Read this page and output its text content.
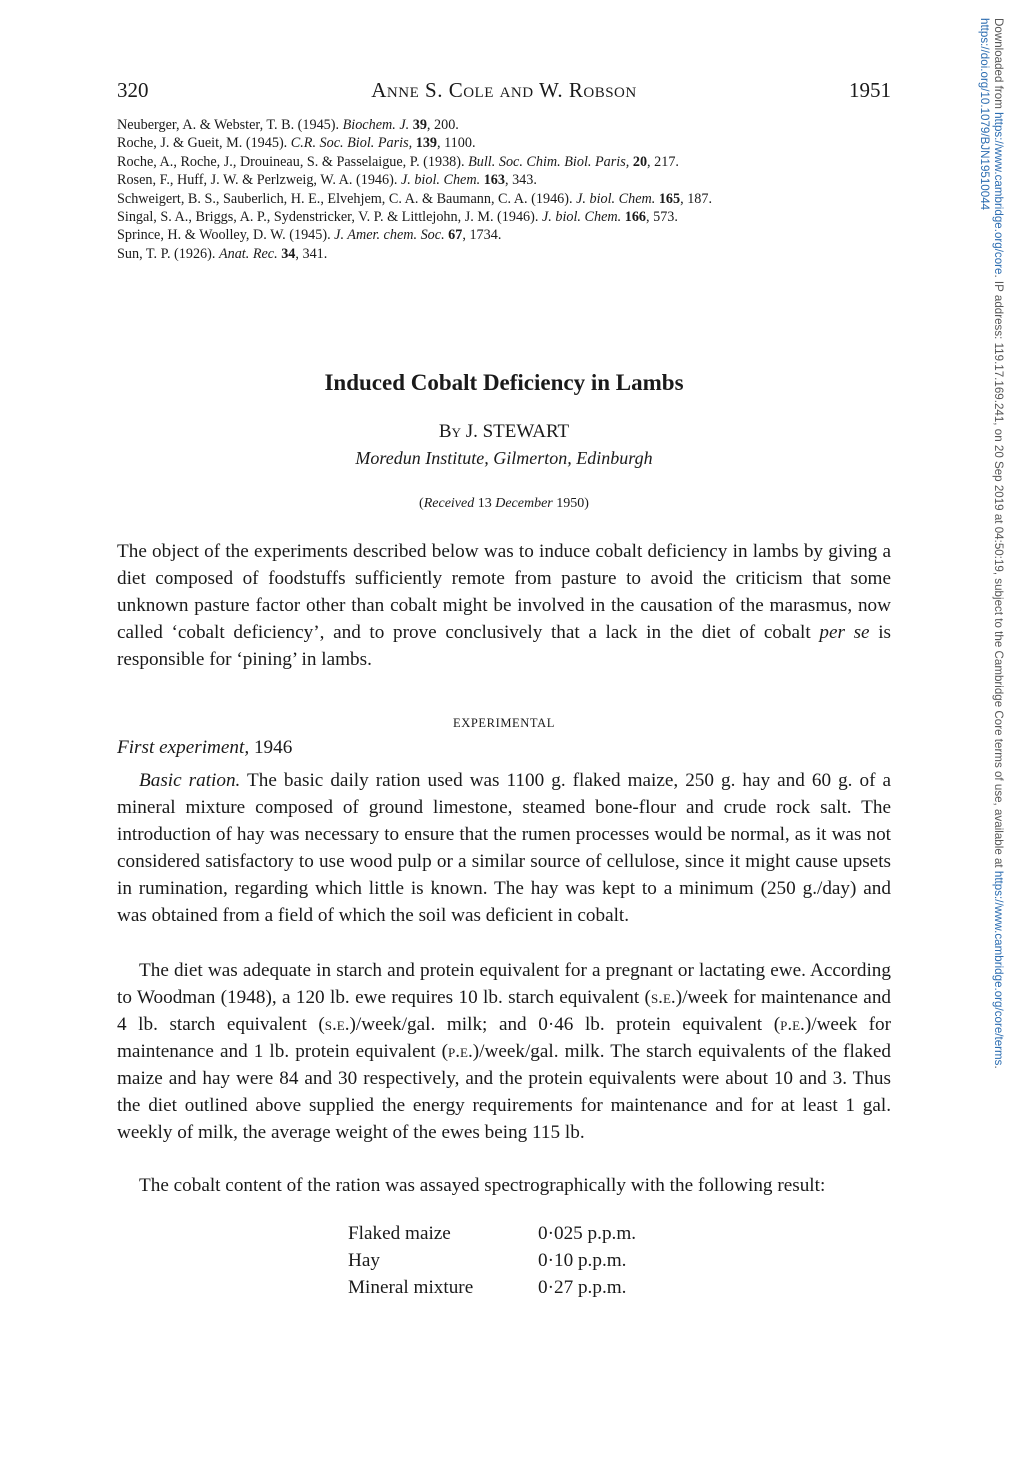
320	Anne S. Cole and W. Robson	1951
Neuberger, A. & Webster, T. B. (1945). Biochem. J. 39, 200.
Roche, J. & Gueit, M. (1945). C.R. Soc. Biol. Paris, 139, 1100.
Roche, A., Roche, J., Drouineau, S. & Passelaigue, P. (1938). Bull. Soc. Chim. Biol. Paris, 20, 217.
Rosen, F., Huff, J. W. & Perlzweig, W. A. (1946). J. biol. Chem. 163, 343.
Schweigert, B. S., Sauberlich, H. E., Elvehjem, C. A. & Baumann, C. A. (1946). J. biol. Chem. 165, 187.
Singal, S. A., Briggs, A. P., Sydenstricker, V. P. & Littlejohn, J. M. (1946). J. biol. Chem. 166, 573.
Sprince, H. & Woolley, D. W. (1945). J. Amer. chem. Soc. 67, 1734.
Sun, T. P. (1926). Anat. Rec. 34, 341.
Induced Cobalt Deficiency in Lambs
By J. STEWART
Moredun Institute, Gilmerton, Edinburgh
(Received 13 December 1950)
The object of the experiments described below was to induce cobalt deficiency in lambs by giving a diet composed of foodstuffs sufficiently remote from pasture to avoid the criticism that some unknown pasture factor other than cobalt might be involved in the causation of the marasmus, now called ‘cobalt deficiency’, and to prove conclusively that a lack in the diet of cobalt per se is responsible for ‘pining’ in lambs.
EXPERIMENTAL
First experiment, 1946
Basic ration. The basic daily ration used was 1100 g. flaked maize, 250 g. hay and 60 g. of a mineral mixture composed of ground limestone, steamed bone-flour and crude rock salt. The introduction of hay was necessary to ensure that the rumen processes would be normal, as it was not considered satisfactory to use wood pulp or a similar source of cellulose, since it might cause upsets in rumination, regarding which little is known. The hay was kept to a minimum (250 g./day) and was obtained from a field of which the soil was deficient in cobalt.
The diet was adequate in starch and protein equivalent for a pregnant or lactating ewe. According to Woodman (1948), a 120 lb. ewe requires 10 lb. starch equivalent (s.e.)/week for maintenance and 4 lb. starch equivalent (s.e.)/week/gal. milk; and 0·46 lb. protein equivalent (p.e.)/week for maintenance and 1 lb. protein equivalent (p.e.)/week/gal. milk. The starch equivalents of the flaked maize and hay were 84 and 30 respectively, and the protein equivalents were about 10 and 3. Thus the diet outlined above supplied the energy requirements for maintenance and for at least 1 gal. weekly of milk, the average weight of the ewes being 115 lb.
The cobalt content of the ration was assayed spectrographically with the following result:
Flaked maize	0·025 p.p.m.
Hay	0·10 p.p.m.
Mineral mixture	0·27 p.p.m.
Downloaded from https://www.cambridge.org/core. IP address: 119.17.169.241, on 20 Sep 2019 at 04:50:19, subject to the Cambridge Core terms of use, available at https://www.cambridge.org/core/terms.
https://doi.org/10.1079/BJN19510044
